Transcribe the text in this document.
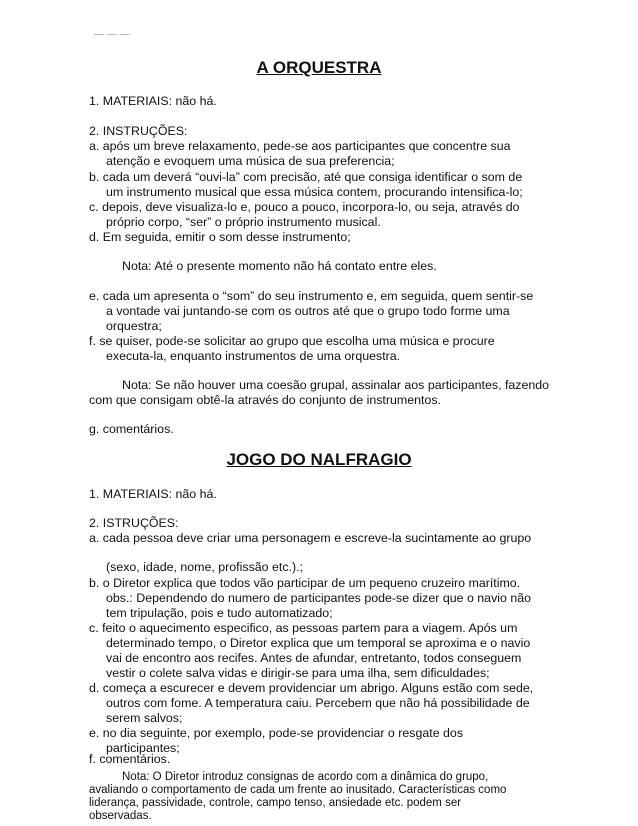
— — —
A ORQUESTRA
1. MATERIAIS: não há.
2. INSTRUÇÕES:
a. após um breve relaxamento, pede-se aos participantes que concentre sua
atenção e evoquem uma música de sua preferencia;
b. cada um deverá “ouvi-la” com precisão, até que consiga identificar o som de
um instrumento musical que essa música contem, procurando intensifica-lo;
c. depois, deve visualiza-lo e, pouco a pouco, incorpora-lo, ou seja, através do
próprio corpo, “ser” o próprio instrumento musical.
d. Em seguida, emitir o som desse instrumento;
Nota: Até o presente momento não há contato entre eles.
e. cada um apresenta o “som” do seu instrumento e, em seguida, quem sentir-se
a vontade vai juntando-se com os outros até que o grupo todo forme uma
orquestra;
f. se quiser, pode-se solicitar ao grupo que escolha uma música e procure
executa-la, enquanto instrumentos de uma orquestra.
Nota: Se não houver uma coesão grupal, assinalar aos participantes, fazendo
com que consigam obtê-la através do conjunto de instrumentos.
g. comentários.
JOGO DO NALFRAGIO
1. MATERIAIS: não há.
2. ISTRUÇÕES:
a. cada pessoa deve criar uma personagem e escreve-la sucintamente ao grupo
(sexo, idade, nome, profissão etc.).;
b. o Diretor explica que todos vão participar de um pequeno cruzeiro marítimo.
obs.: Dependendo do numero de participantes pode-se dizer que o navio não
tem tripulação, pois e tudo automatizado;
c. feito o aquecimento especifico, as pessoas partem para a viagem. Após um
determinado tempo, o Diretor explica que um temporal se aproxima e o navio
vai de encontro aos recifes. Antes de afundar, entretanto, todos conseguem
vestir o colete salva vidas e dirigir-se para uma ilha, sem dificuldades;
d. começa a escurecer e devem providenciar um abrigo. Alguns estão com sede,
outros com fome. A temperatura caiu. Percebem que não há possibilidade de
serem salvos;
e. no dia seguinte, por exemplo, pode-se providenciar o resgate dos
participantes;
f. comentários.
Nota: O Diretor introduz consignas de acordo com a dinâmica do grupo,
avaliando o comportamento de cada um frente ao inusitado. Características como
liderança, passividade, controle, campo tenso, ansiedade etc. podem ser
observadas.
